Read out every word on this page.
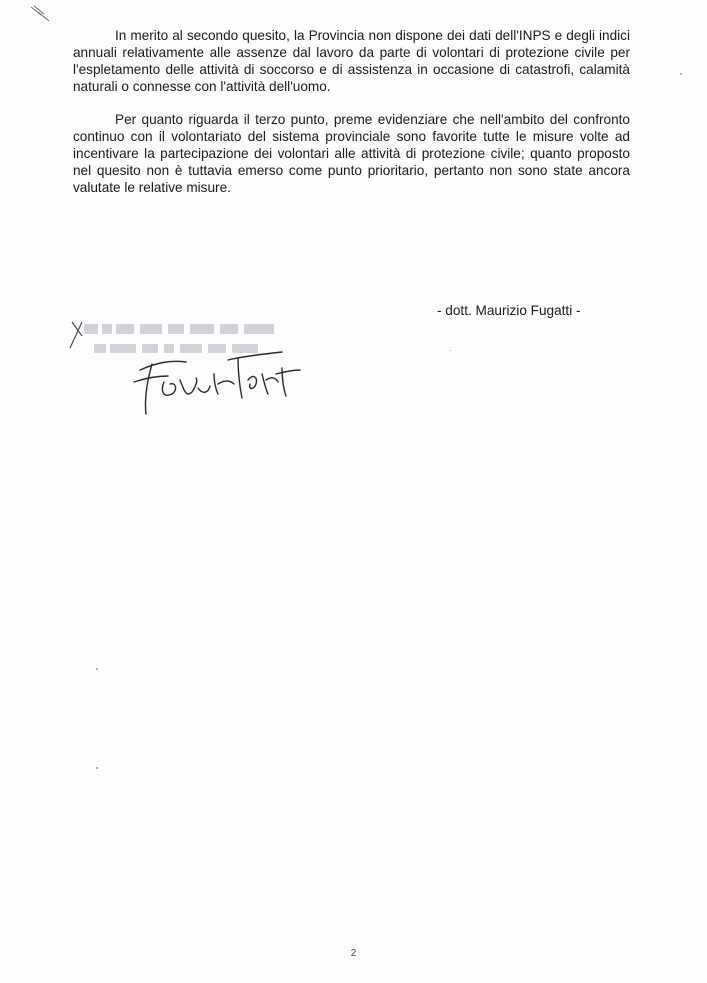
In merito al secondo quesito, la Provincia non dispone dei dati dell'INPS e degli indici annuali relativamente alle assenze dal lavoro da parte di volontari di protezione civile per l'espletamento delle attività di soccorso e di assistenza in occasione di catastrofi, calamità naturali o connesse con l'attività dell'uomo.

Per quanto riguarda il terzo punto, preme evidenziare che nell'ambito del confronto continuo con il volontariato del sistema provinciale sono favorite tutte le misure volte ad incentivare la partecipazione dei volontari alle attività di protezione civile; quanto proposto nel quesito non è tuttavia emerso come punto prioritario, pertanto non sono state ancora valutate le relative misure.

- dott. Maurizio Fugatti -
2
